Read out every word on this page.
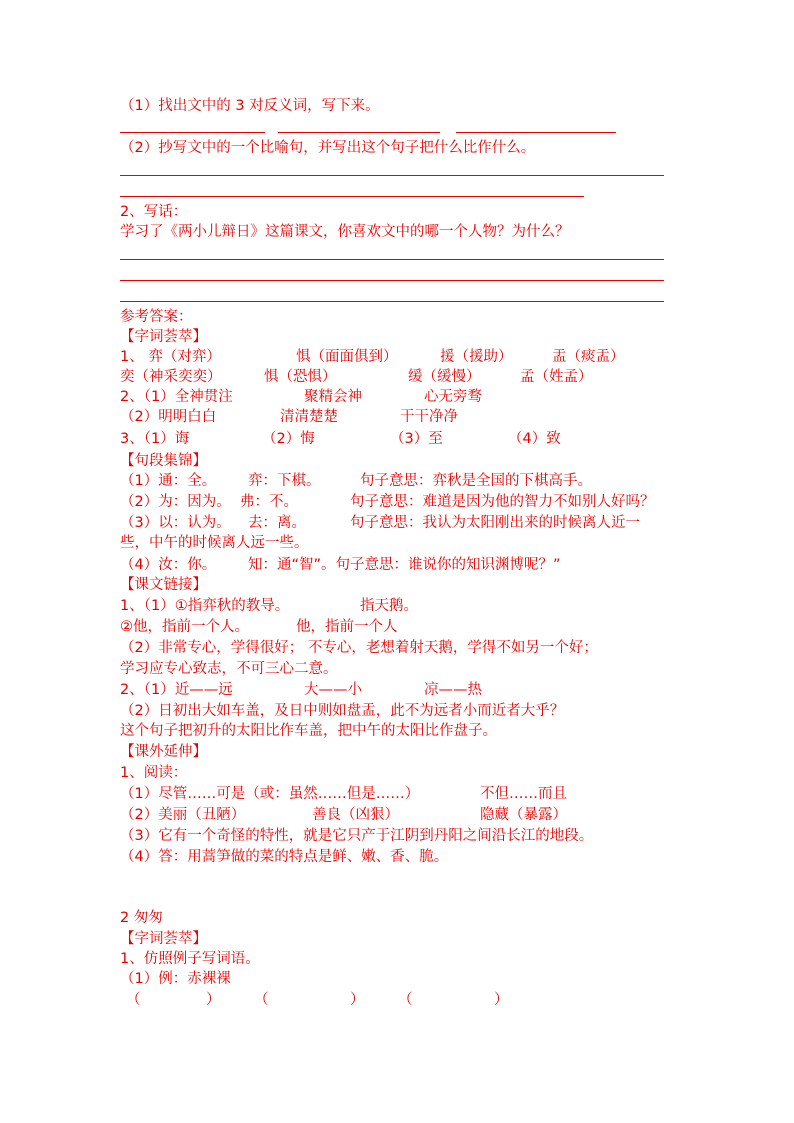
（1）找出文中的 3 对反义词，写下来。
（2）抄写文中的一个比喻句，并写出这个句子把什么比作什么。
2、写话：
学习了《两小儿辩日》这篇课文，你喜欢文中的哪一个人物？为什么？
参考答案：
【字词荟萃】
1、 弈（对弈）	惧（面面俱到）	援（援助）	盂（痰盂）
奕（神采奕奕）	惧（恐惧）	缓（缓慢）	孟（姓孟）
2、（1）全神贯注	聚精会神	心无旁骛
（2）明明白白	清清楚楚	干干净净
3、（1）诲	（2）悔	（3）至	（4）致
【句段集锦】
（1）通：全。 弈：下棋。	句子意思：弈秋是全国的下棋高手。
（2）为：因为。 弗：不。	句子意思：难道是因为他的智力不如别人好吗？
（3）以：认为。 去：离。	句子意思：我认为太阳刚出来的时候离人近一
些，中午的时候离人远一些。
（4）汝：你。 知：通“智”。句子意思：谁说你的知识渊博呢？”
【课文链接】
1、（1）①指弈秋的教导。	指天鹅。
②他，指前一个人。	他，指前一个人
（2）非常专心，学得很好； 不专心，老想着射天鹅，学得不如另一个好；
学习应专心致志，不可三心二意。
2、（1）近——远	大——小	凉——热
（2）日初出大如车盖，及日中则如盘盂，此不为远者小而近者大乎？
这个句子把初升的太阳比作车盖，把中午的太阳比作盘子。
【课外延伸】
1、阅读：
（1）尽管……可是（或：虽然……但是……）	不但……而且
（2）美丽（丑陋）	善良（凶狠）	隐藏（暴露）
（3）它有一个奇怪的特性，就是它只产于江阴到丹阳之间沿长江的地段。
（4）答：用蒿笋做的菜的特点是鲜、嫩、香、脆。
2 匆匆
【字词荟萃】
1、仿照例子写词语。
（1）例：赤裸裸
（	） （	） （	）
